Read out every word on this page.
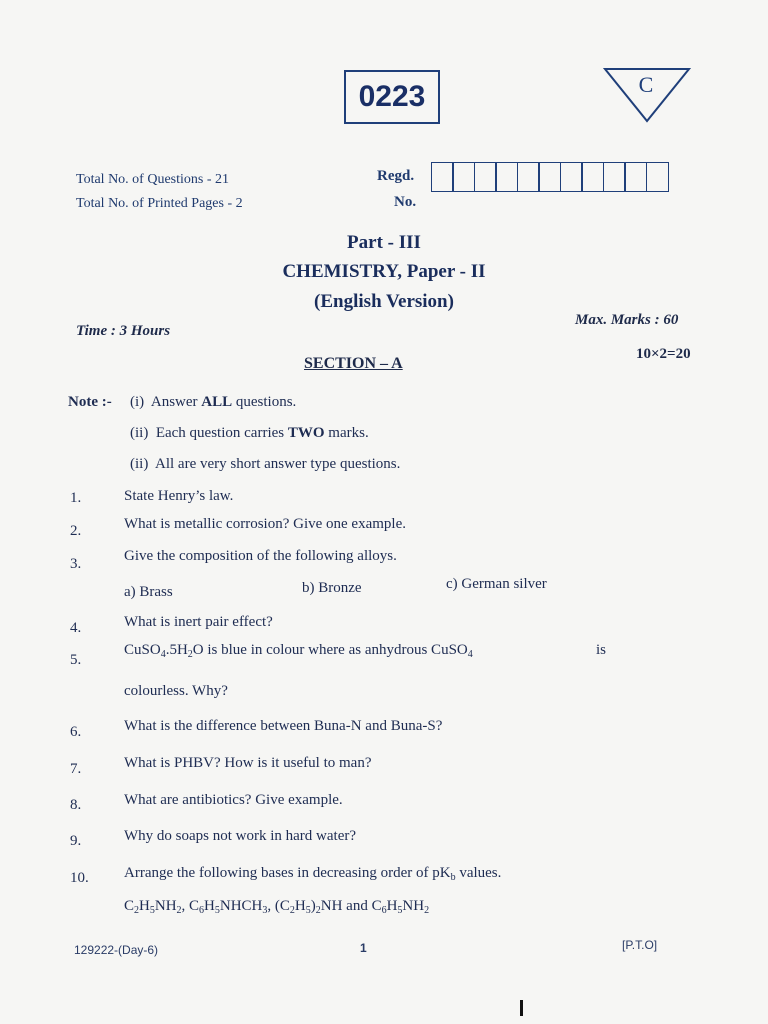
0223	C
Total No. of Questions - 21
Total No. of Printed Pages - 2
Regd.
No.
Part - III
CHEMISTRY, Paper - II
(English Version)
Time : 3 Hours
Max. Marks : 60
SECTION – A
10×2=20
Note :- (i) Answer ALL questions.
(ii) Each question carries TWO marks.
(ii) All are very short answer type questions.
1.	State Henry’s law.
2.	What is metallic corrosion? Give one example.
3.	Give the composition of the following alloys.
a) Brass	b) Bronze	c) German silver
4.	What is inert pair effect?
5.
$CuSO_4.5H_2O$ is blue in colour where as anhydrous CuSO$_4$	is
colourless. Why?
6.	What is the difference between Buna-N and Buna-S?
7.	What is PHBV? How is it useful to man?
8.	What are antibiotics? Give example.
9.	Why do soaps not work in hard water?
10. Arrange the following bases in decreasing order of $pK_b$ values.
$C_2H_5NH_2$, $C_6H_5NHCH_3$, $(C_2H_5)_2NH$ and $C_6H_5NH_2$
129222-(Day-6)	1	[P.T.O]
